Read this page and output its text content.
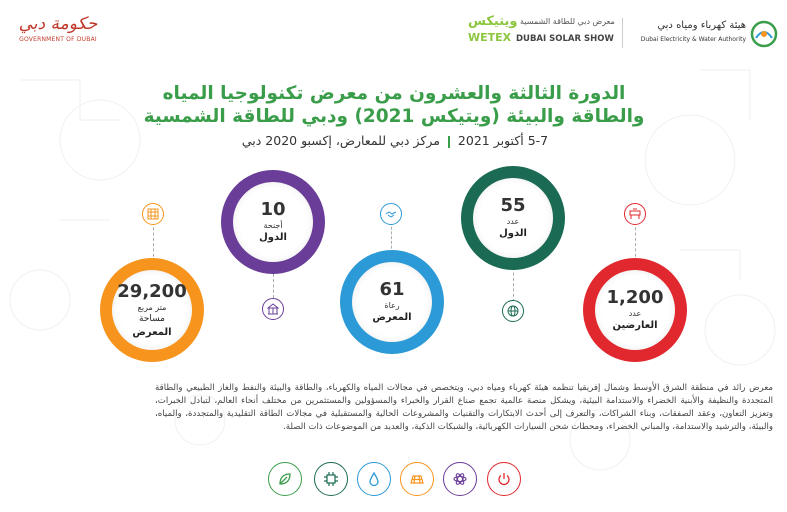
حكومة دبي
GOVERNMENT OF DUBAI
ويتيكس معرض دبي للطاقة الشمسية
WETEX DUBAI SOLAR SHOW
هيئة كهرباء ومياه دبي
Dubai Electricity & Water Authority
الدورة الثالثة والعشرون من معرض تكنولوجيا المياه
والطاقة والبيئة (ويتيكس 2021) ودبي للطاقة الشمسية
5-7 أكتوبر 2021مركز دبي للمعارض، إكسبو 2020 دبي
29,200
متر مربع
مساحة
المعرض
10
أجنحة
الدول
61
رعاة
المعرض
55
عدد
الدول
1,200
عدد
العارضين
معرض رائد في منطقة الشرق الأوسط وشمال إفريقيا تنظمه هيئة كهرباء ومياه دبي، ويتخصص في مجالات المياه والكهرباء، والطاقة والبيئة والنفط والغاز الطبيعي والطاقة المتجددة والنظيفة والأبنية الخضراء والاستدامة البيئية، ويشكل منصة عالمية تجمع صناع القرار والخبراء والمسؤولين والمستثمرين من مختلف أنحاء العالم، لتبادل الخبرات، وتعزيز التعاون، وعقد الصفقات، وبناء الشراكات، والتعرف إلى أحدث الابتكارات والتقنيات والمشروعات الحالية والمستقبلية في مجالات الطاقة التقليدية والمتجددة، والمياه، والبيئة، والترشيد والاستدامة، والمباني الخضراء، ومحطات شحن السيارات الكهربائية، والشبكات الذكية، والعديد من الموضوعات ذات الصلة.
